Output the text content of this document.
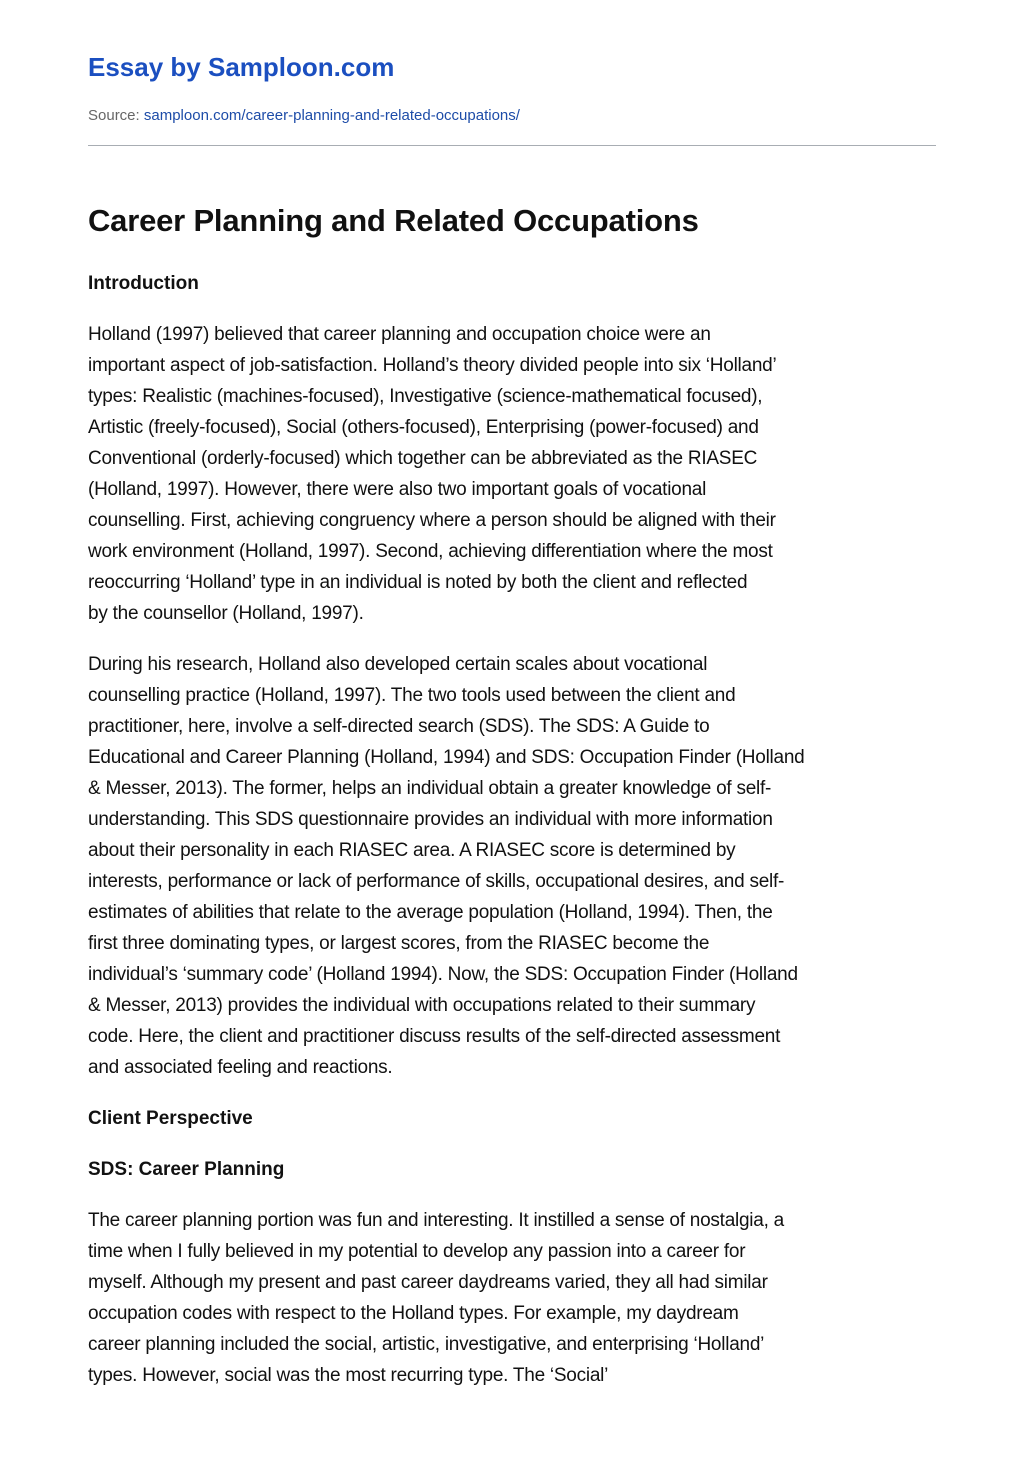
Essay by Samploon.com
Source: samploon.com/career-planning-and-related-occupations/
Career Planning and Related Occupations
Introduction
Holland (1997) believed that career planning and occupation choice were an
important aspect of job-satisfaction. Holland’s theory divided people into six ‘Holland’
types: Realistic (machines-focused), Investigative (science-mathematical focused),
Artistic (freely-focused), Social (others-focused), Enterprising (power-focused) and
Conventional (orderly-focused) which together can be abbreviated as the RIASEC
(Holland, 1997). However, there were also two important goals of vocational
counselling. First, achieving congruency where a person should be aligned with their
work environment (Holland, 1997). Second, achieving differentiation where the most
reoccurring ‘Holland’ type in an individual is noted by both the client and reflected
by the counsellor (Holland, 1997).
During his research, Holland also developed certain scales about vocational
counselling practice (Holland, 1997). The two tools used between the client and
practitioner, here, involve a self-directed search (SDS). The SDS: A Guide to
Educational and Career Planning (Holland, 1994) and SDS: Occupation Finder (Holland
& Messer, 2013). The former, helps an individual obtain a greater knowledge of self-
understanding. This SDS questionnaire provides an individual with more information
about their personality in each RIASEC area. A RIASEC score is determined by
interests, performance or lack of performance of skills, occupational desires, and self-
estimates of abilities that relate to the average population (Holland, 1994). Then, the
first three dominating types, or largest scores, from the RIASEC become the
individual’s ‘summary code’ (Holland 1994). Now, the SDS: Occupation Finder (Holland
& Messer, 2013) provides the individual with occupations related to their summary
code. Here, the client and practitioner discuss results of the self-directed assessment
and associated feeling and reactions.
Client Perspective
SDS: Career Planning
The career planning portion was fun and interesting. It instilled a sense of nostalgia, a
time when I fully believed in my potential to develop any passion into a career for
myself. Although my present and past career daydreams varied, they all had similar
occupation codes with respect to the Holland types. For example, my daydream
career planning included the social, artistic, investigative, and enterprising ‘Holland’
types. However, social was the most recurring type. The ‘Social’
